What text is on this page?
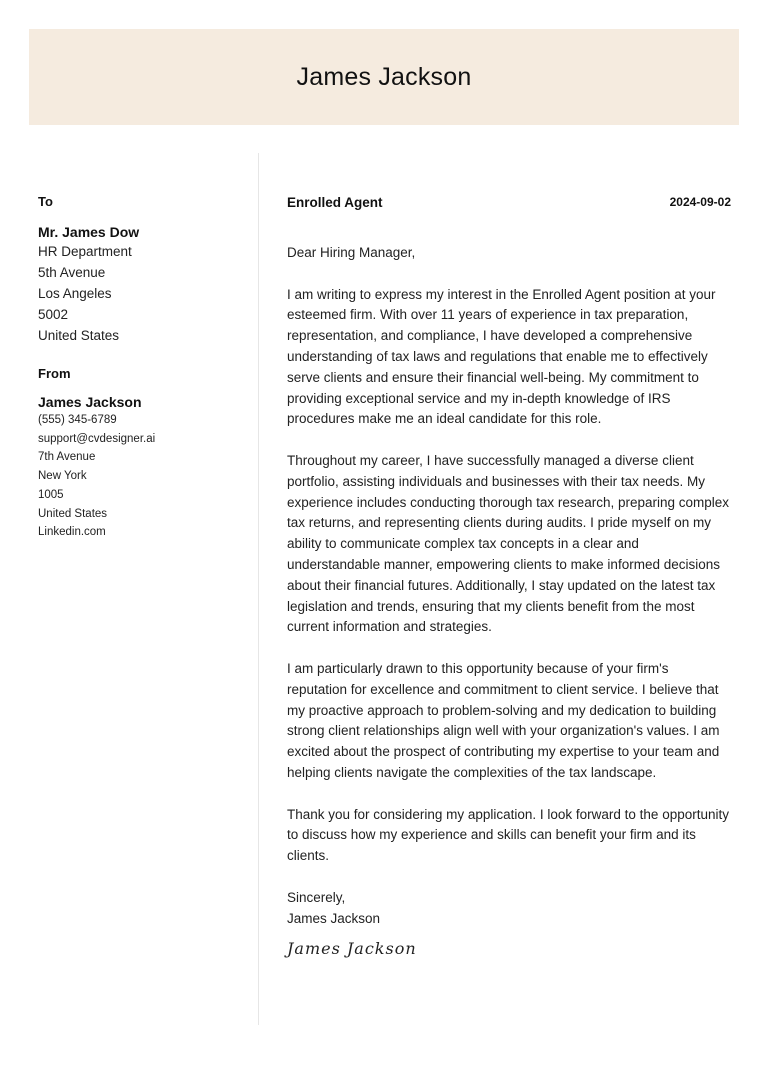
James Jackson
To
Mr. James Dow
HR Department
5th Avenue
Los Angeles
5002
United States
From
James Jackson
(555) 345-6789
support@cvdesigner.ai
7th Avenue
New York
1005
United States
Linkedin.com
Enrolled Agent	2024-09-02
Dear Hiring Manager,
I am writing to express my interest in the Enrolled Agent position at your esteemed firm. With over 11 years of experience in tax preparation, representation, and compliance, I have developed a comprehensive understanding of tax laws and regulations that enable me to effectively serve clients and ensure their financial well-being. My commitment to providing exceptional service and my in-depth knowledge of IRS procedures make me an ideal candidate for this role.
Throughout my career, I have successfully managed a diverse client portfolio, assisting individuals and businesses with their tax needs. My experience includes conducting thorough tax research, preparing complex tax returns, and representing clients during audits. I pride myself on my ability to communicate complex tax concepts in a clear and understandable manner, empowering clients to make informed decisions about their financial futures. Additionally, I stay updated on the latest tax legislation and trends, ensuring that my clients benefit from the most current information and strategies.
I am particularly drawn to this opportunity because of your firm's reputation for excellence and commitment to client service. I believe that my proactive approach to problem-solving and my dedication to building strong client relationships align well with your organization's values. I am excited about the prospect of contributing my expertise to your team and helping clients navigate the complexities of the tax landscape.
Thank you for considering my application. I look forward to the opportunity to discuss how my experience and skills can benefit your firm and its clients.
Sincerely,
James Jackson
James Jackson
